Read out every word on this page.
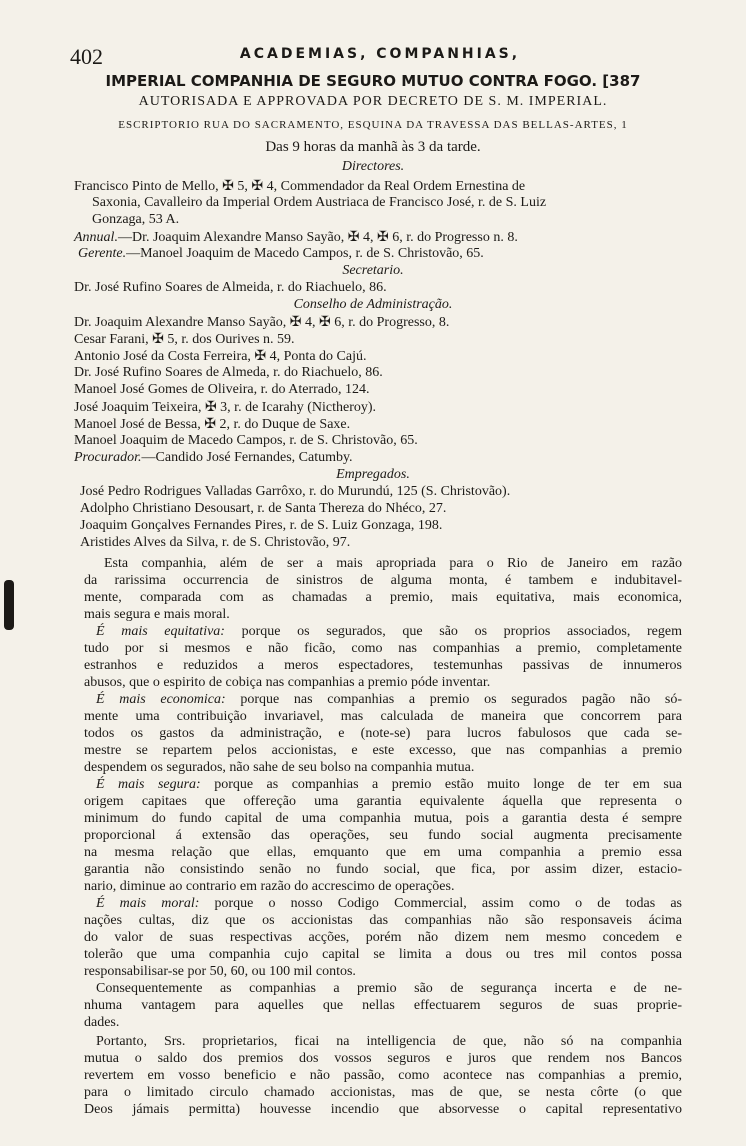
402	ACADEMIAS, COMPANHIAS,
IMPERIAL COMPANHIA DE SEGURO MUTUO CONTRA FOGO. [387
AUTORISADA E APPROVADA POR DECRETO DE S. M. IMPERIAL.
ESCRIPTORIO RUA DO SACRAMENTO, ESQUINA DA TRAVESSA DAS BELLAS-ARTES, 1
Das 9 horas da manhã às 3 da tarde.
Directores.
Francisco Pinto de Mello, ✠ 5, ✠ 4, Commendador da Real Ordem Ernestina de
Saxonia, Cavalleiro da Imperial Ordem Austriaca de Francisco José, r. de S. Luiz
Gonzaga, 53 A.
Annual.—Dr. Joaquim Alexandre Manso Sayão, ✠ 4, ✠ 6, r. do Progresso n. 8.
Gerente.—Manoel Joaquim de Macedo Campos, r. de S. Christovão, 65.
Secretario.
Dr. José Rufino Soares de Almeida, r. do Riachuelo, 86.
Conselho de Administração.
Dr. Joaquim Alexandre Manso Sayão, ✠ 4, ✠ 6, r. do Progresso, 8.
Cesar Farani, ✠ 5, r. dos Ourives n. 59.
Antonio José da Costa Ferreira, ✠ 4, Ponta do Cajú.
Dr. José Rufino Soares de Almeda, r. do Riachuelo, 86.
Manoel José Gomes de Oliveira, r. do Aterrado, 124.
José Joaquim Teixeira, ✠ 3, r. de Icarahy (Nictheroy).
Manoel José de Bessa, ✠ 2, r. do Duque de Saxe.
Manoel Joaquim de Macedo Campos, r. de S. Christovão, 65.
Procurador.—Candido José Fernandes, Catumby.
Empregados.
José Pedro Rodrigues Valladas Garrôxo, r. do Murundú, 125 (S. Christovão).
Adolpho Christiano Desousart, r. de Santa Thereza do Nhéco, 27.
Joaquim Gonçalves Fernandes Pires, r. de S. Luiz Gonzaga, 198.
Aristides Alves da Silva, r. de S. Christovão, 97.
Esta companhia, além de ser a mais apropriada para o Rio de Janeiro em razão
da rarissima occurrencia de sinistros de alguma monta, é tambem e indubitavel-
mente, comparada com as chamadas a premio, mais equitativa, mais economica,
mais segura e mais moral.
É mais equitativa: porque os segurados, que são os proprios associados, regem
tudo por si mesmos e não ficão, como nas companhias a premio, completamente
estranhos e reduzidos a meros espectadores, testemunhas passivas de innumeros
abusos, que o espirito de cobiça nas companhias a premio póde inventar.
É mais economica: porque nas companhias a premio os segurados pagão não só-
mente uma contribuição invariavel, mas calculada de maneira que concorrem para
todos os gastos da administração, e (note-se) para lucros fabulosos que cada se-
mestre se repartem pelos accionistas, e este excesso, que nas companhias a premio
despendem os segurados, não sahe de seu bolso na companhia mutua.
É mais segura: porque as companhias a premio estão muito longe de ter em sua
origem capitaes que offereção uma garantia equivalente áquella que representa o
minimum do fundo capital de uma companhia mutua, pois a garantia desta é sempre
proporcional á extensão das operações, seu fundo social augmenta precisamente
na mesma relação que ellas, emquanto que em uma companhia a premio essa
garantia não consistindo senão no fundo social, que fica, por assim dizer, estacio-
nario, diminue ao contrario em razão do accrescimo de operações.
É mais moral: porque o nosso Codigo Commercial, assim como o de todas as
nações cultas, diz que os accionistas das companhias não são responsaveis ácima
do valor de suas respectivas acções, porém não dizem nem mesmo concedem e
tolerão que uma companhia cujo capital se limita a dous ou tres mil contos possa
responsabilisar-se por 50, 60, ou 100 mil contos.
Consequentemente as companhias a premio são de segurança incerta e de ne-
nhuma vantagem para aquelles que nellas effectuarem seguros de suas proprie-
dades.
Portanto, Srs. proprietarios, ficai na intelligencia de que, não só na companhia
mutua o saldo dos premios dos vossos seguros e juros que rendem nos Bancos
revertem em vosso beneficio e não passão, como acontece nas companhias a premio,
para o limitado circulo chamado accionistas, mas de que, se nesta côrte (o que
Deos jámais permitta) houvesse incendio que absorvesse o capital representativo
